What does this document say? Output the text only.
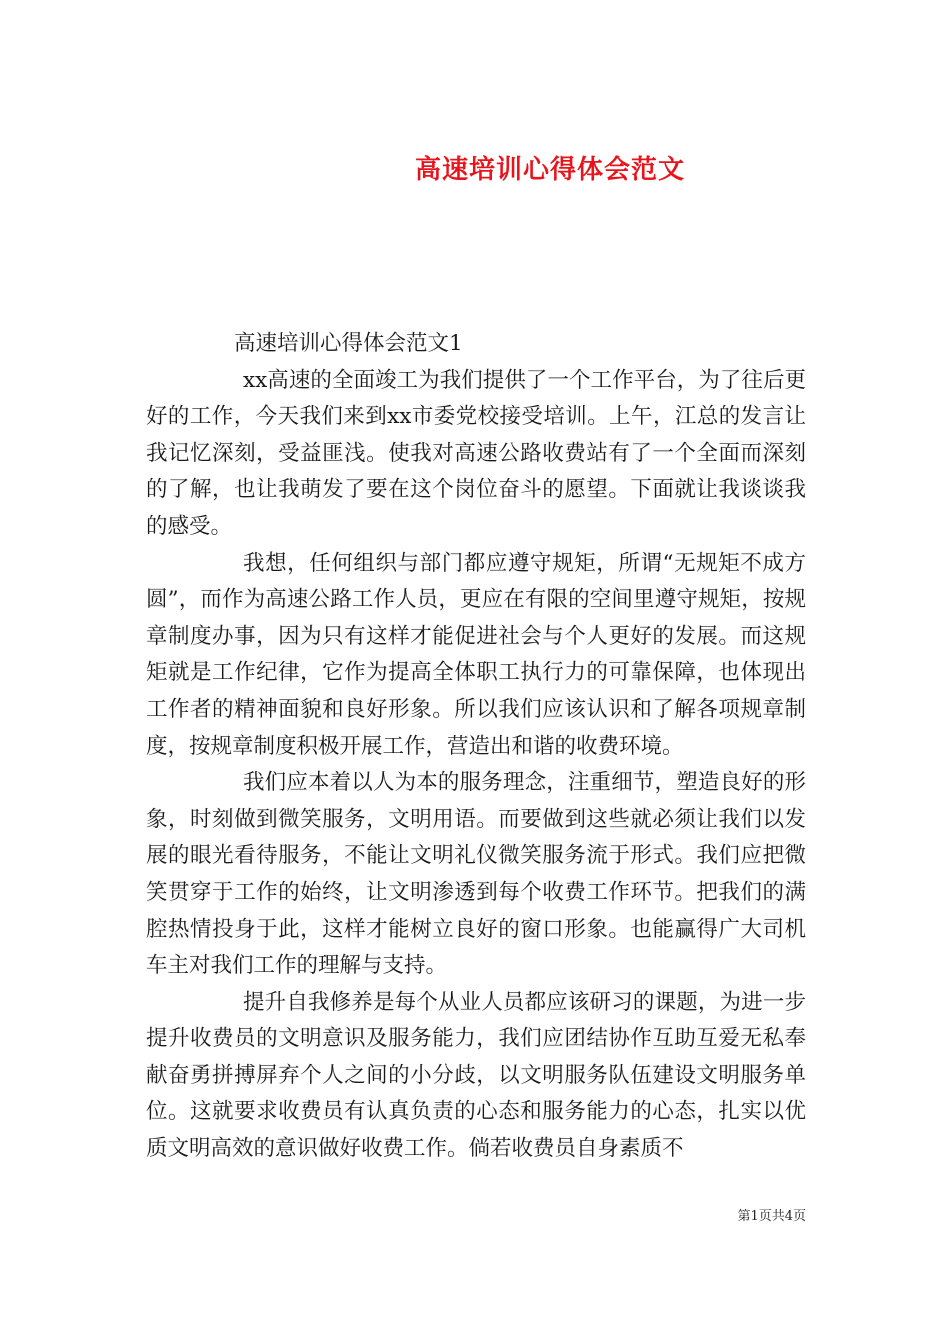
高速培训心得体会范文

高速培训心得体会范文1

xx高速的全面竣工为我们提供了一个工作平台，为了往后更好的工作，今天我们来到xx市委党校接受培训。上午，江总的发言让我记忆深刻，受益匪浅。使我对高速公路收费站有了一个全面而深刻的了解，也让我萌发了要在这个岗位奋斗的愿望。下面就让我谈谈我的感受。

我想，任何组织与部门都应遵守规矩，所谓“无规矩不成方圆”，而作为高速公路工作人员，更应在有限的空间里遵守规矩，按规章制度办事，因为只有这样才能促进社会与个人更好的发展。而这规矩就是工作纪律，它作为提高全体职工执行力的可靠保障，也体现出工作者的精神面貌和良好形象。所以我们应该认识和了解各项规章制度，按规章制度积极开展工作，营造出和谐的收费环境。

我们应本着以人为本的服务理念，注重细节，塑造良好的形象，时刻做到微笑服务，文明用语。而要做到这些就必须让我们以发展的眼光看待服务，不能让文明礼仪微笑服务流于形式。我们应把微笑贯穿于工作的始终，让文明渗透到每个收费工作环节。把我们的满腔热情投身于此，这样才能树立良好的窗口形象。也能赢得广大司机车主对我们工作的理解与支持。

提升自我修养是每个从业人员都应该研习的课题，为进一步提升收费员的文明意识及服务能力，我们应团结协作互助互爱无私奉献奋勇拼搏屏弃个人之间的小分歧，以文明服务队伍建设文明服务单位。这就要求收费员有认真负责的心态和服务能力的心态，扎实以优质文明高效的意识做好收费工作。倘若收费员自身素质不

第1页共4页
